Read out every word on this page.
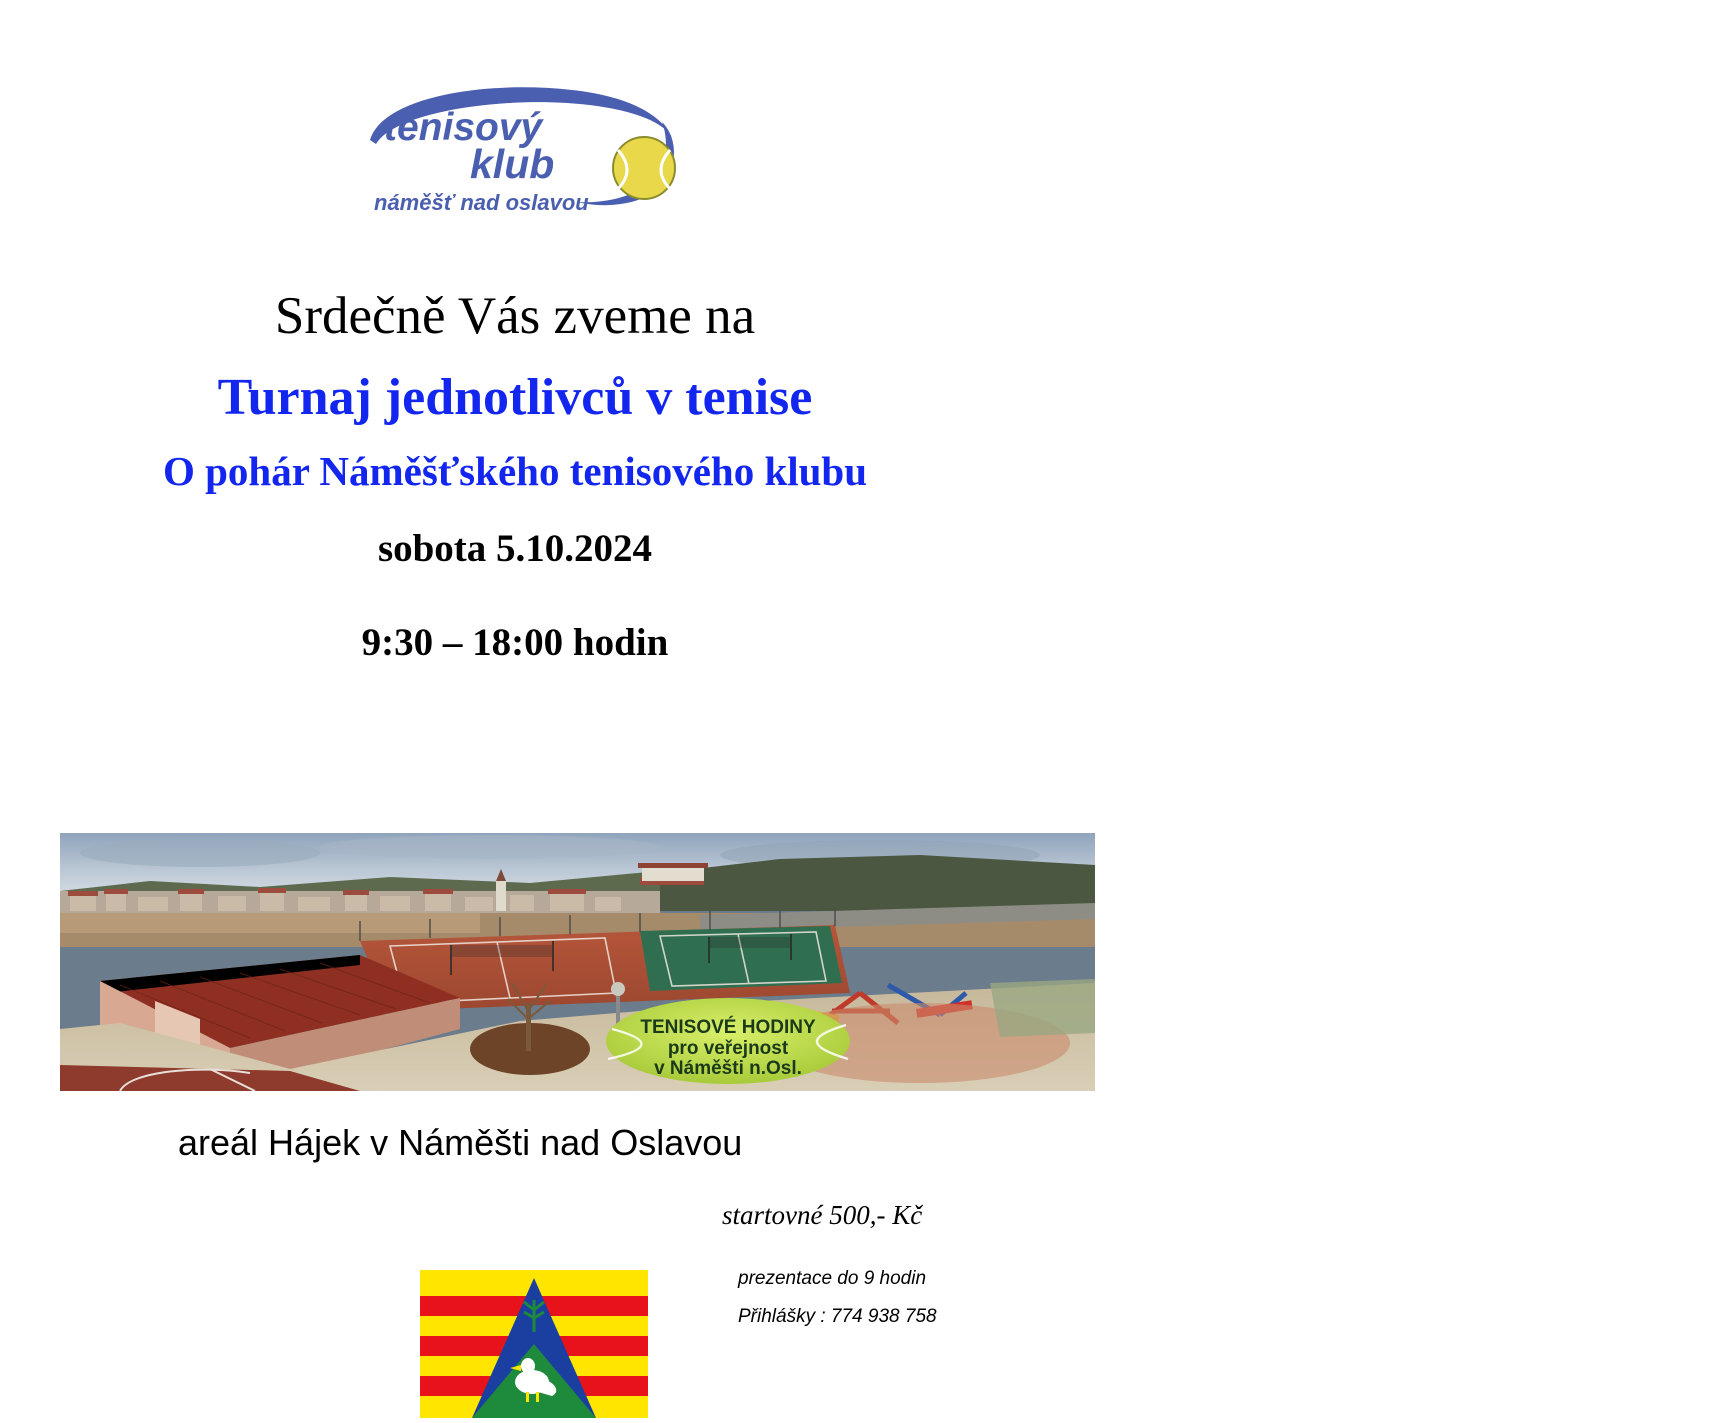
tenisový
klub
náměšť nad oslavou
Srdečně Vás zveme na
Turnaj jednotlivců v tenise
O pohár Náměšťského tenisového klubu
sobota 5.10.2024
9:30 – 18:00 hodin
TENISOVÉ HODINY
pro veřejnost
v Náměšti n.Osl.
areál Hájek v Náměšti nad Oslavou
startovné 500,- Kč
prezentace do 9 hodin
Přihlášky : 774 938 758
